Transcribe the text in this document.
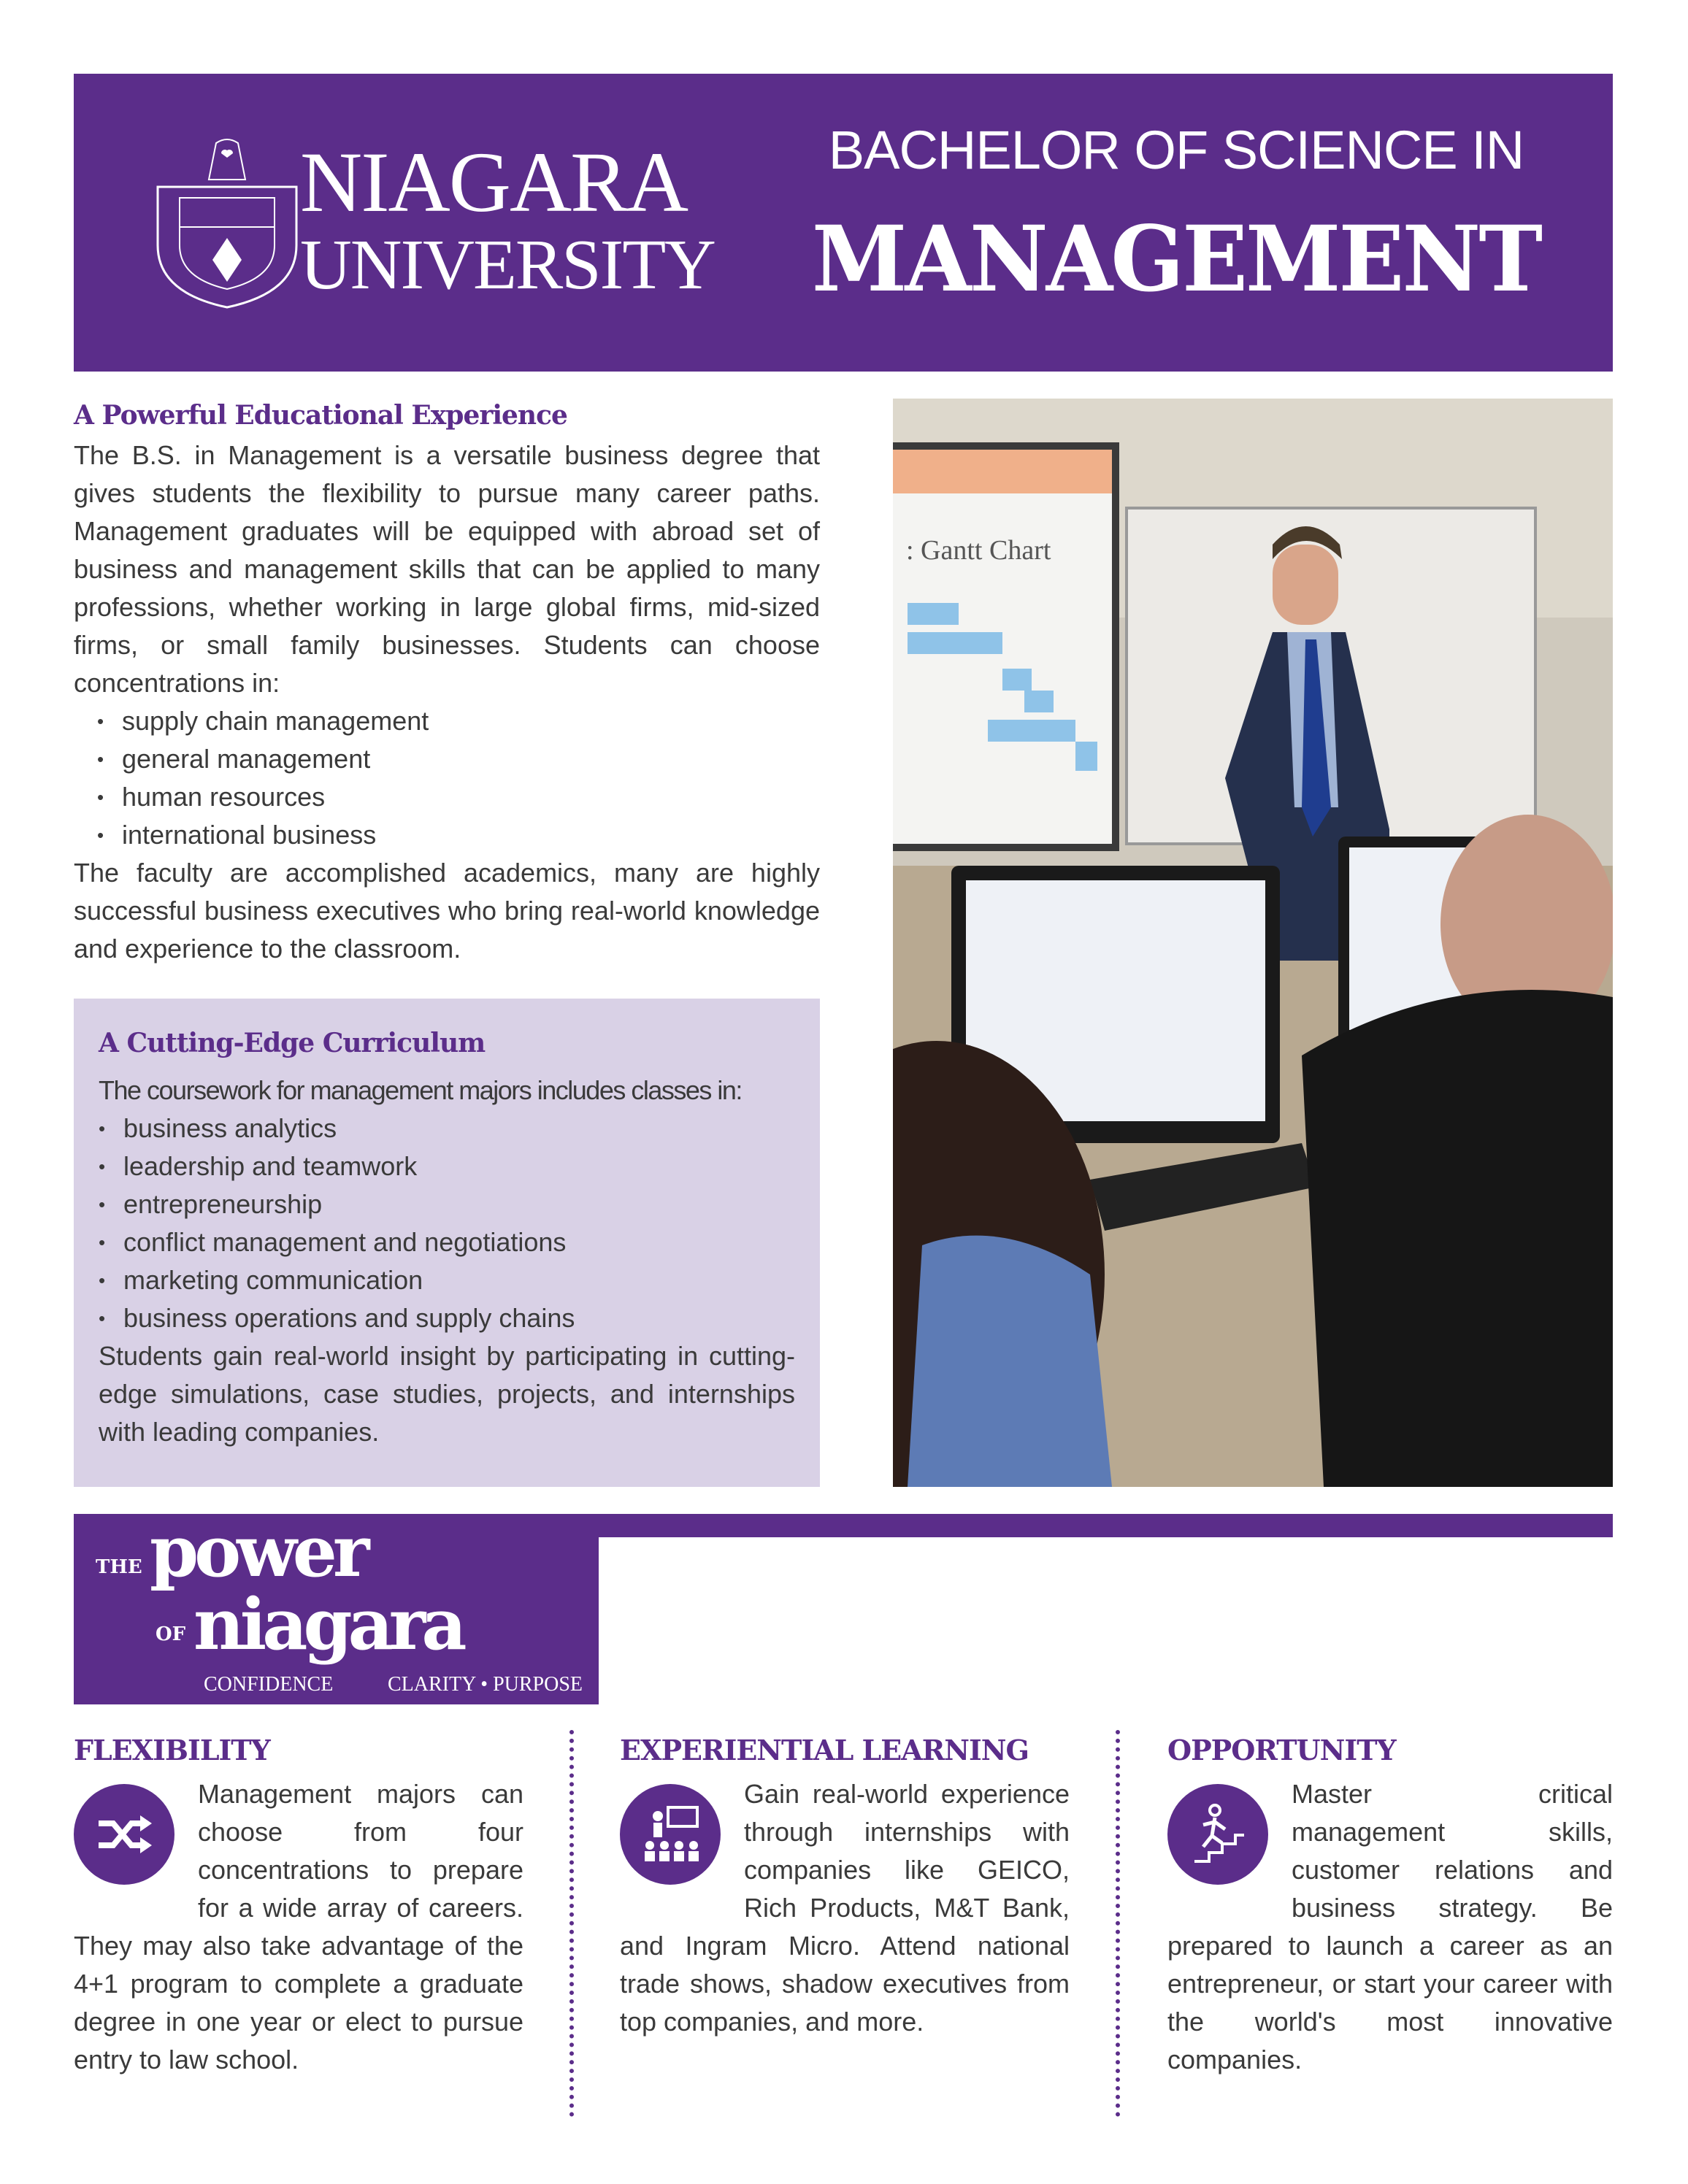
NIAGARA
UNIVERSITY
BACHELOR OF SCIENCE IN
MANAGEMENT
A Powerful Educational Experience

The B.S. in Management is a versatile business degree that gives students the flexibility to pursue many career paths. Management graduates will be equipped with abroad set of business and management skills that can be applied to many professions, whether working in large global firms, mid-sized firms, or small family businesses. Students can choose concentrations in:

• supply chain management
• general management
• human resources
• international business

The faculty are accomplished academics, many are highly successful business executives who bring real-world knowledge and experience to the classroom.

A Cutting-Edge Curriculum

The coursework for management majors includes classes in:

• business analytics
• leadership and teamwork
• entrepreneurship
• conflict management and negotiations
• marketing communication
• business operations and supply chains

Students gain real-world insight by participating in cutting-edge simulations, case studies, projects, and internships with leading companies.

: Gantt Chart
THE power
OF niagara
CONFIDENCE	CLARITY • PURPOSE
FLEXIBILITY

Management majors can choose from four concentrations to prepare for a wide array of careers. They may also take advantage of the 4+1 program to complete a graduate degree in one year or elect to pursue entry to law school.

EXPERIENTIAL LEARNING

Gain real-world experience through internships with companies like GEICO, Rich Products, M&T Bank, and Ingram Micro. Attend national trade shows, shadow executives from top companies, and more.

OPPORTUNITY

Master critical management skills, customer relations and business strategy. Be prepared to launch a career as an entrepreneur, or start your career with the world's most innovative companies.
